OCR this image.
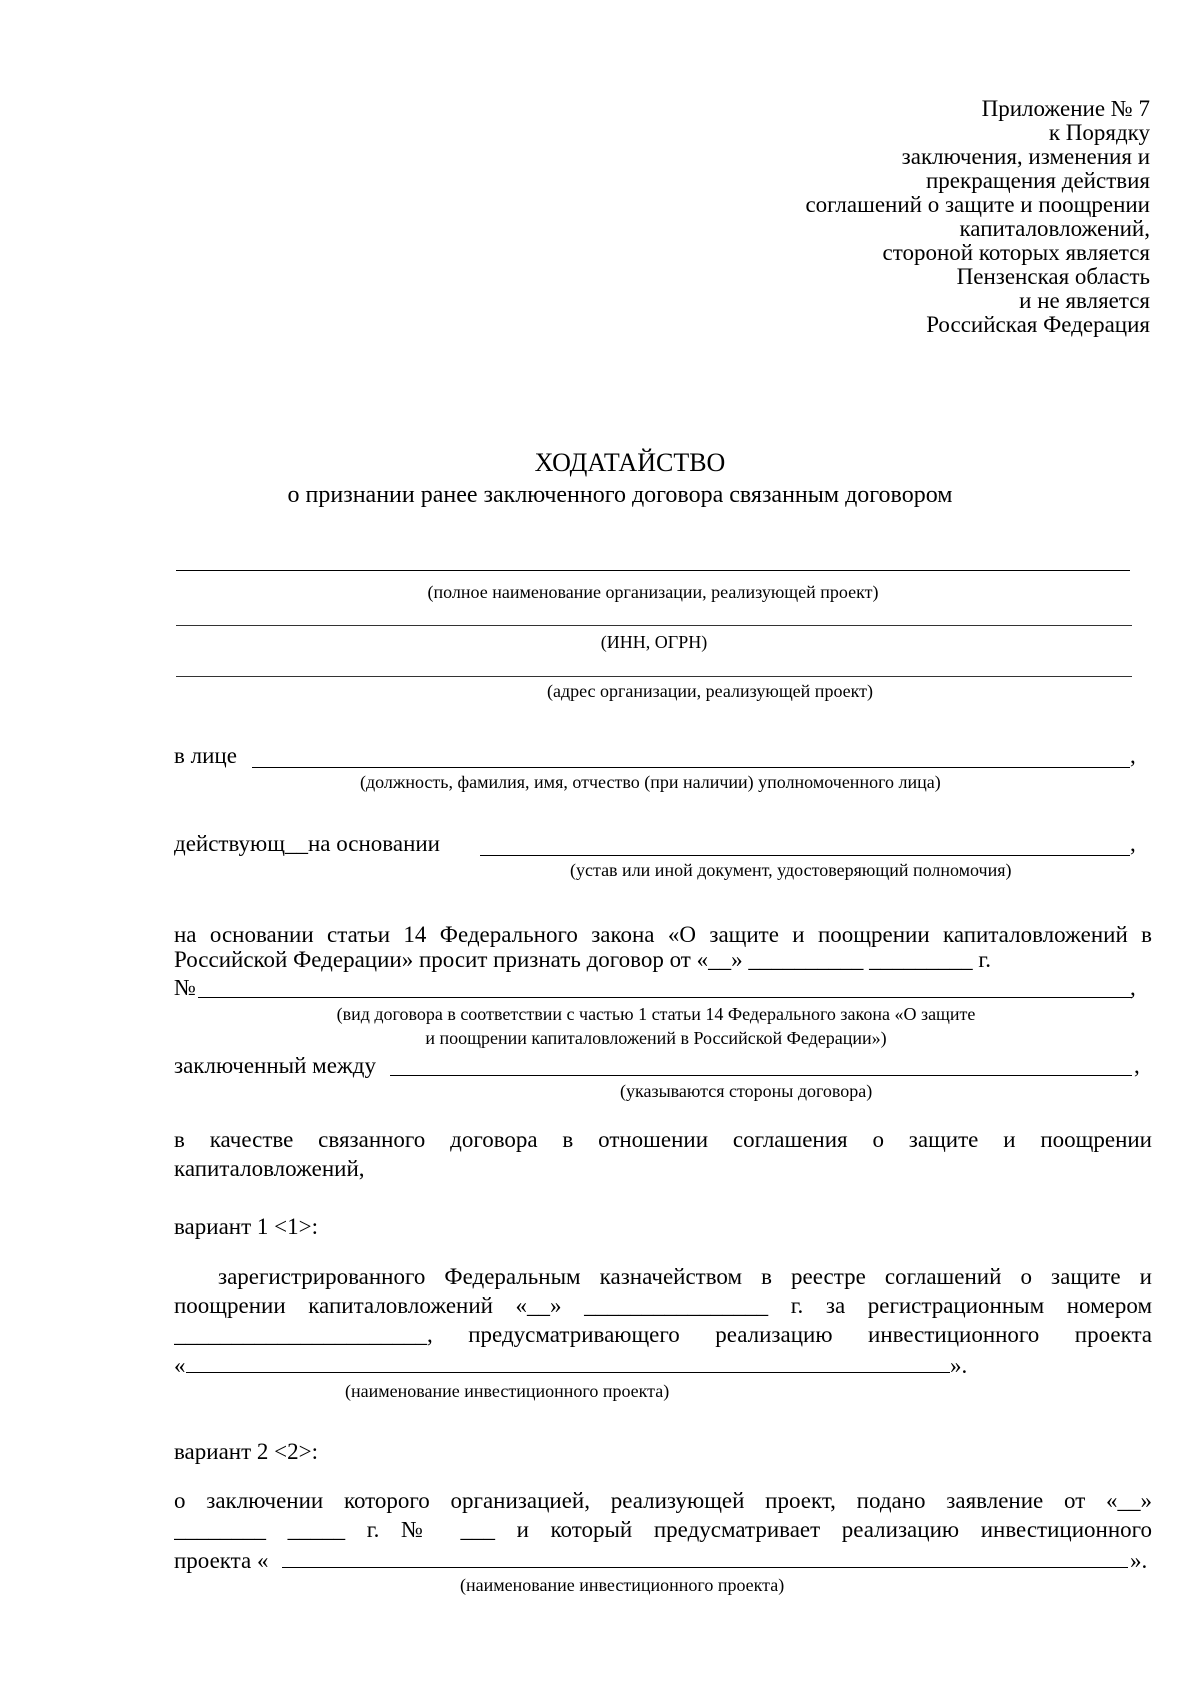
Приложение № 7
к Порядку
заключения, изменения и
прекращения действия
соглашений о защите и поощрении
капиталовложений,
стороной которых является
Пензенская область
и не является
Российская Федерация
ХОДАТАЙСТВО
о признании ранее заключенного договора связанным договором
(полное наименование организации, реализующей проект)
(ИНН, ОГРН)
(адрес организации, реализующей проект)
в лице	,
(должность, фамилия, имя, отчество (при наличии) уполномоченного лица)
действующ__на основании	,
(устав или иной документ, удостоверяющий полномочия)
на основании статьи 14 Федерального закона «О защите и поощрении капиталовложений в
Российской Федерации» просит признать договор от «__» __________ _________ г.
№	,
(вид договора в соответствии с частью 1 статьи 14 Федерального закона «О защите
и поощрении капиталовложений в Российской Федерации»)
заключенный между	,
(указываются стороны договора)
в качестве связанного договора в отношении соглашения о защите и поощрении
капиталовложений,
вариант 1 <1>:
зарегистрированного Федеральным казначейством в реестре соглашений о защите и
поощрении капиталовложений «__» ________________ г. за регистрационным номером
______________________, предусматривающего реализацию инвестиционного проекта
«	».
(наименование инвестиционного проекта)
вариант 2 <2>:
о заключении которого организацией, реализующей проект, подано заявление от «__»
________ _____ г. № ___ и который предусматривает реализацию инвестиционного
проекта «	».
(наименование инвестиционного проекта)
